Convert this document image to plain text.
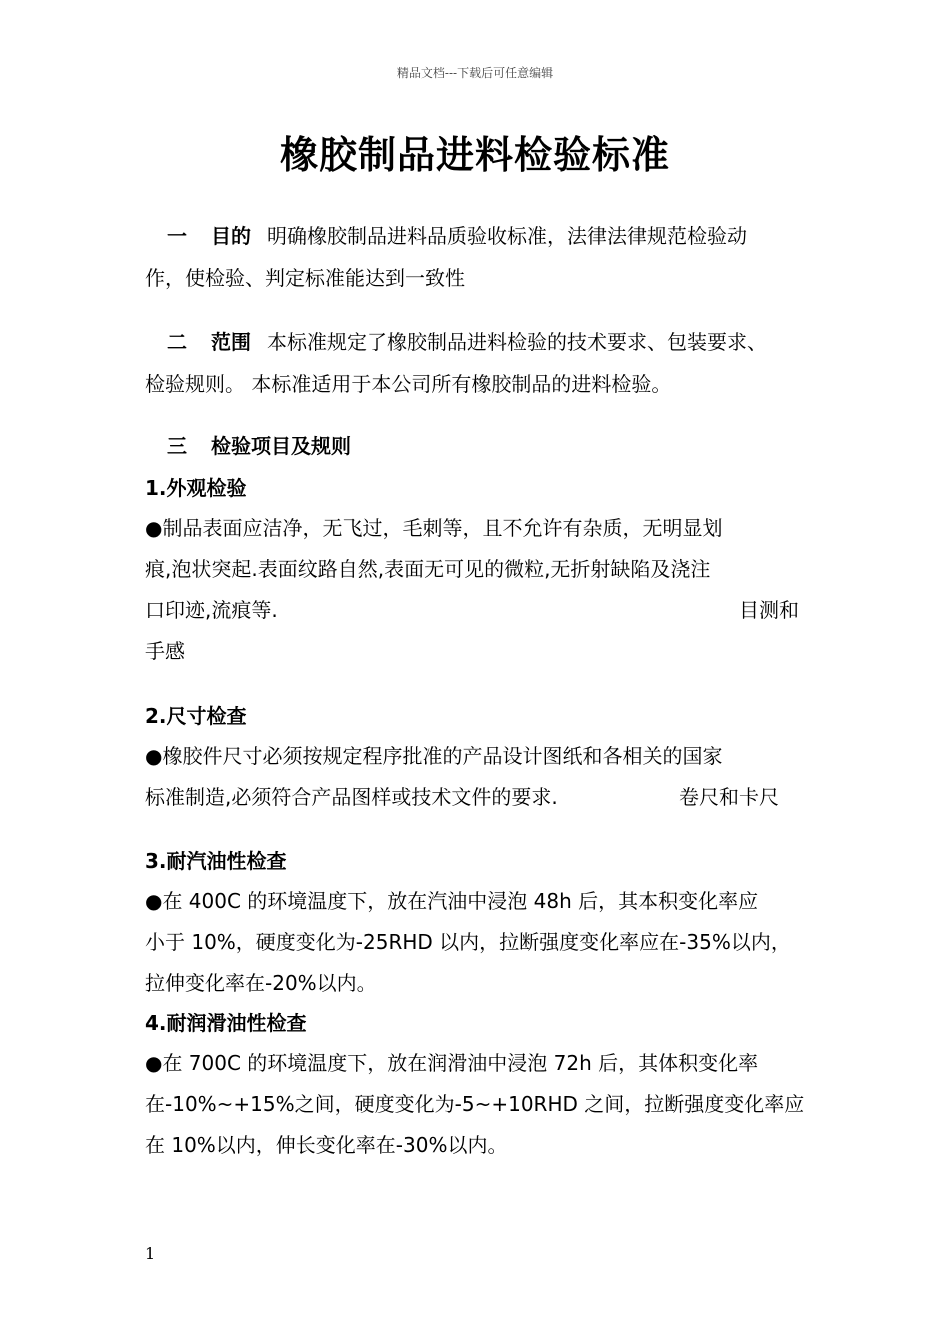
精品文档---下载后可任意编辑
橡胶制品进料检验标准
一 目的 明确橡胶制品进料品质验收标准，法律法律规范检验动
作，使检验、判定标准能达到一致性
二 范围 本标准规定了橡胶制品进料检验的技术要求、包装要求、
检验规则。 本标准适用于本公司所有橡胶制品的进料检验。
三 检验项目及规则
1.外观检验
●制品表面应洁净，无飞过，毛刺等，且不允许有杂质，无明显划
痕,泡状突起.表面纹路自然,表面无可见的微粒,无折射缺陷及浇注
口印迹,流痕等.	目测和
手感
2.尺寸检查
●橡胶件尺寸必须按规定程序批准的产品设计图纸和各相关的国家
标准制造,必须符合产品图样或技术文件的要求.	卷尺和卡尺
3.耐汽油性检查
●在 400C 的环境温度下，放在汽油中浸泡 48h 后，其本积变化率应
小于 10%，硬度变化为-25RHD 以内，拉断强度变化率应在-35%以内，
拉伸变化率在-20%以内。
4.耐润滑油性检查
●在 700C 的环境温度下，放在润滑油中浸泡 72h 后，其体积变化率
在-10%~+15%之间，硬度变化为-5~+10RHD 之间，拉断强度变化率应
在 10%以内，伸长变化率在-30%以内。
1
